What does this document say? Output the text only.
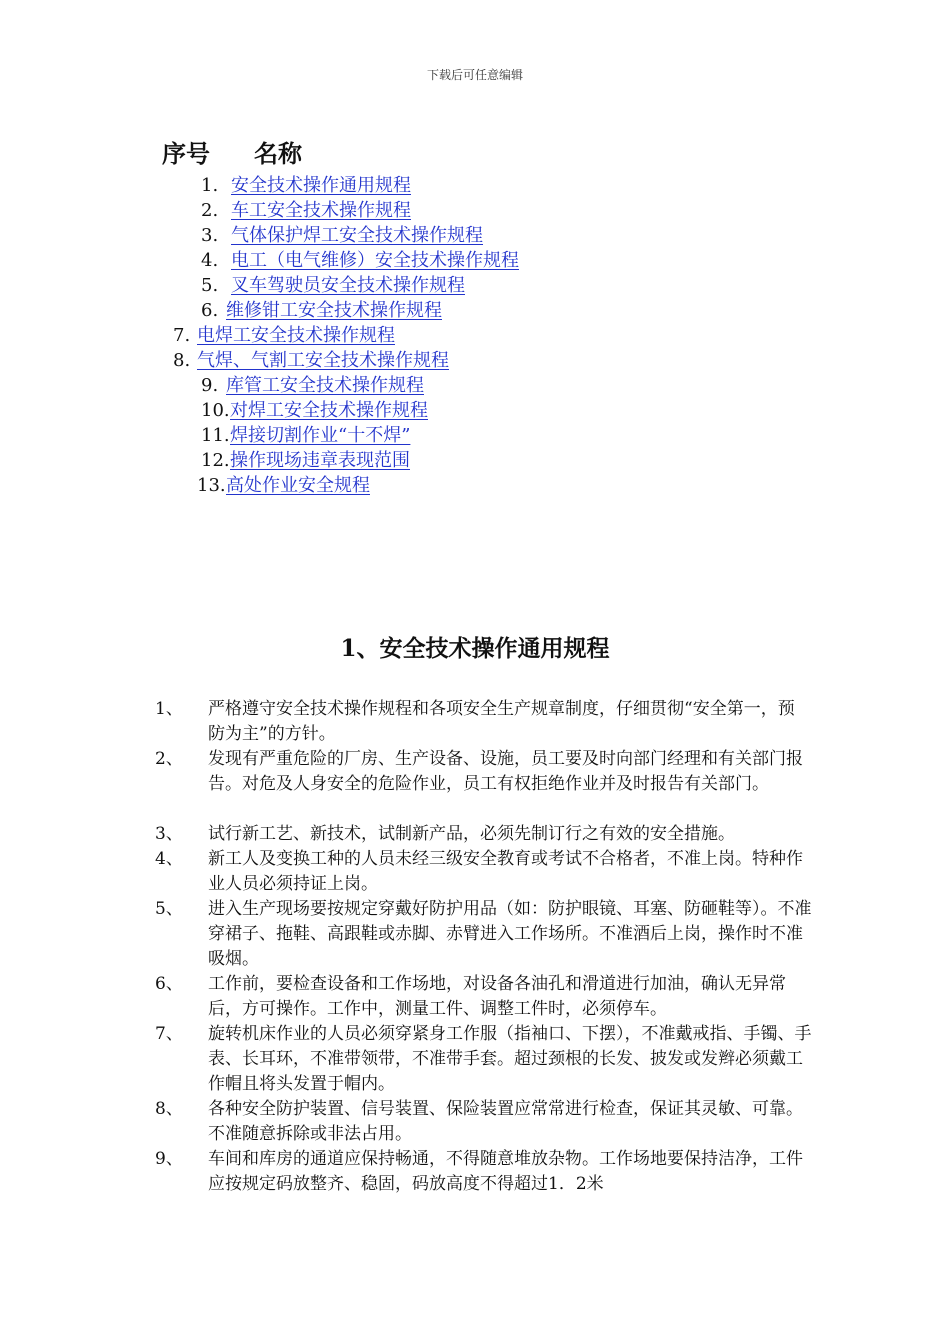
下载后可任意编辑
序号 名称
1. 安全技术操作通用规程
2. 车工安全技术操作规程
3. 气体保护焊工安全技术操作规程
4. 电工（电气维修）安全技术操作规程
5. 叉车驾驶员安全技术操作规程
6. 维修钳工安全技术操作规程
7. 电焊工安全技术操作规程
8. 气焊、气割工安全技术操作规程
9. 库管工安全技术操作规程
10.对焊工安全技术操作规程
11.焊接切割作业“十不焊”
12.操作现场违章表现范围
13.高处作业安全规程
1、安全技术操作通用规程
1、 严格遵守安全技术操作规程和各项安全生产规章制度，仔细贯彻“安全第一，预 防为主”的方针。
2、 发现有严重危险的厂房、生产设备、设施，员工要及时向部门经理和有关部门报告。对危及人身安全的危险作业，员工有权拒绝作业并及时报告有关部门。
3、 试行新工艺、新技术，试制新产品，必须先制订行之有效的安全措施。
4、 新工人及变换工种的人员未经三级安全教育或考试不合格者，不准上岗。特种作业人员必须持证上岗。
5、 进入生产现场要按规定穿戴好防护用品（如：防护眼镜、耳塞、防砸鞋等）。不准穿裙子、拖鞋、高跟鞋或赤脚、赤臂进入工作场所。不准酒后上岗，操作时不准吸烟。
6、 工作前，要检查设备和工作场地，对设备各油孔和滑道进行加油，确认无异常后，方可操作。工作中，测量工件、调整工件时，必须停车。
7、 旋转机床作业的人员必须穿紧身工作服（指袖口、下摆），不准戴戒指、手镯、手表、长耳环，不准带领带，不准带手套。超过颈根的长发、披发或发辫必须戴工作帽且将头发置于帽内。
8、 各种安全防护装置、信号装置、保险装置应常常进行检查，保证其灵敏、可靠。不准随意拆除或非法占用。
9、 车间和库房的通道应保持畅通，不得随意堆放杂物。工作场地要保持洁净，工件应按规定码放整齐、稳固，码放高度不得超过1．2米
